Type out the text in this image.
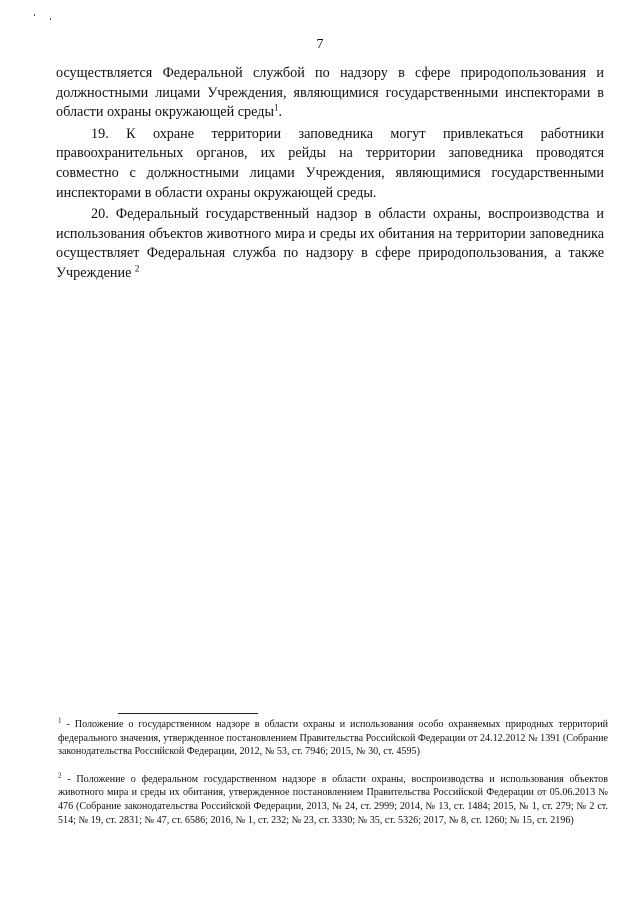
7

осуществляется Федеральной службой по надзору в сфере природопользования и должностными лицами Учреждения, являющимися государственными инспекторами в области охраны окружающей среды$^1$.

19. К охране территории заповедника могут привлекаться работники правоохранительных органов, их рейды на территории заповедника проводятся совместно с должностными лицами Учреждения, являющимися государственными инспекторами в области охраны окружающей среды.

20. Федеральный государственный надзор в области охраны, воспроизводства и использования объектов животного мира и среды их обитания на территории заповедника осуществляет Федеральная служба по надзору в сфере природопользования, а также Учреждение $^2$

$^1$ - Положение о государственном надзоре в области охраны и использования особо охраняемых природных территорий федерального значения, утвержденное постановлением Правительства Российской Федерации от 24.12.2012 № 1391 (Собрание законодательства Российской Федерации, 2012, № 53, ст. 7946; 2015, № 30, ст. 4595)

$^2$ - Положение о федеральном государственном надзоре в области охраны, воспроизводства и использования объектов животного мира и среды их обитания, утвержденное постановлением Правительства Российской Федерации от 05.06.2013 № 476 (Собрание законодательства Российской Федерации, 2013, № 24, ст. 2999; 2014, № 13, ст. 1484; 2015, № 1, ст. 279; № 2 ст. 514; № 19, ст. 2831; № 47, ст. 6586; 2016, № 1, ст. 232; № 23, ст. 3330; № 35, ст. 5326; 2017, № 8, ст. 1260; № 15, ст. 2196)
